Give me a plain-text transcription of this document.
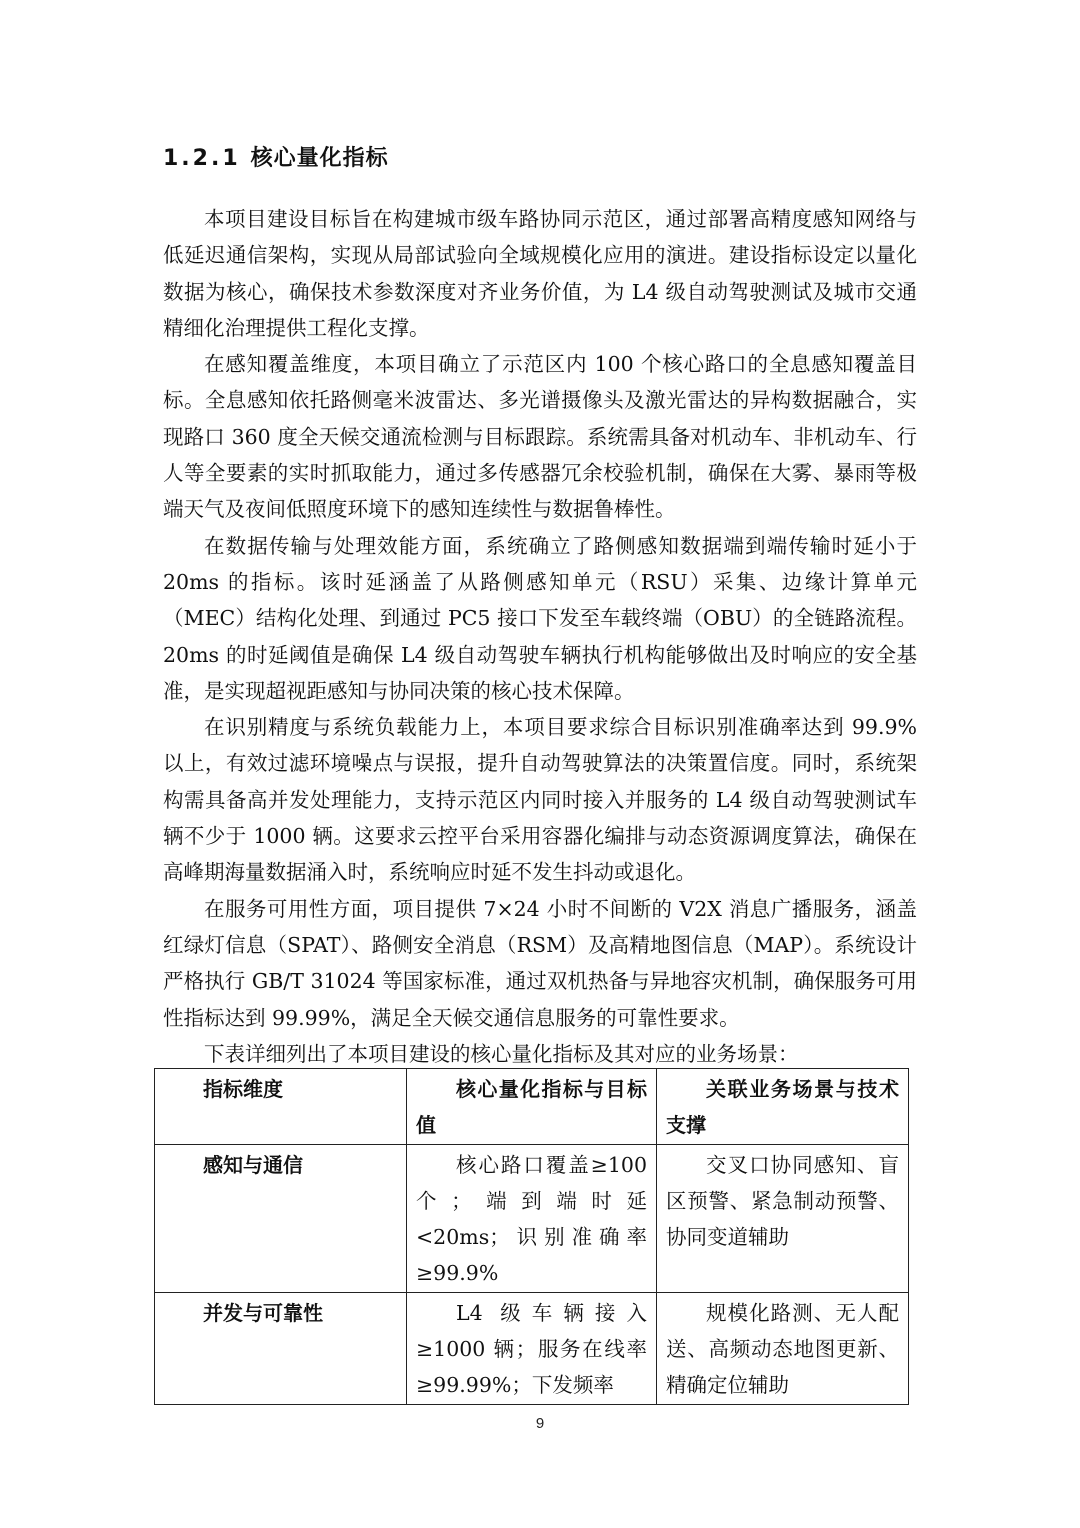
1.2.1 核心量化指标

本项目建设目标旨在构建城市级车路协同示范区，通过部署高精度感知网络与低延迟通信架构，实现从局部试验向全域规模化应用的演进。建设指标设定以量化数据为核心，确保技术参数深度对齐业务价值，为 L4 级自动驾驶测试及城市交通精细化治理提供工程化支撑。

在感知覆盖维度，本项目确立了示范区内 100 个核心路口的全息感知覆盖目标。全息感知依托路侧毫米波雷达、多光谱摄像头及激光雷达的异构数据融合，实现路口 360 度全天候交通流检测与目标跟踪。系统需具备对机动车、非机动车、行人等全要素的实时抓取能力，通过多传感器冗余校验机制，确保在大雾、暴雨等极端天气及夜间低照度环境下的感知连续性与数据鲁棒性。

在数据传输与处理效能方面，系统确立了路侧感知数据端到端传输时延小于 20ms 的指标。该时延涵盖了从路侧感知单元（RSU）采集、边缘计算单元（MEC）结构化处理、到通过 PC5 接口下发至车载终端（OBU）的全链路流程。20ms 的时延阈值是确保 L4 级自动驾驶车辆执行机构能够做出及时响应的安全基准，是实现超视距感知与协同决策的核心技术保障。

在识别精度与系统负载能力上，本项目要求综合目标识别准确率达到 99.9% 以上，有效过滤环境噪点与误报，提升自动驾驶算法的决策置信度。同时，系统架构需具备高并发处理能力，支持示范区内同时接入并服务的 L4 级自动驾驶测试车辆不少于 1000 辆。这要求云控平台采用容器化编排与动态资源调度算法，确保在高峰期海量数据涌入时，系统响应时延不发生抖动或退化。

在服务可用性方面，项目提供 7×24 小时不间断的 V2X 消息广播服务，涵盖红绿灯信息（SPAT）、路侧安全消息（RSM）及高精地图信息（MAP）。系统设计严格执行 GB/T 31024 等国家标准，通过双机热备与异地容灾机制，确保服务可用性指标达到 99.99%，满足全天候交通信息服务的可靠性要求。

下表详细列出了本项目建设的核心量化指标及其对应的业务场景：

指标维度	核心量化指标与目标值	关联业务场景与技术支撑
感知与通信	核心路口覆盖≥100个；端到端时延<20ms；识别准确率≥99.9%	交叉口协同感知、盲区预警、紧急制动预警、协同变道辅助
并发与可靠性	L4 级车辆接入≥1000 辆；服务在线率≥99.99%；下发频率	规模化路测、无人配送、高频动态地图更新、精确定位辅助
9
